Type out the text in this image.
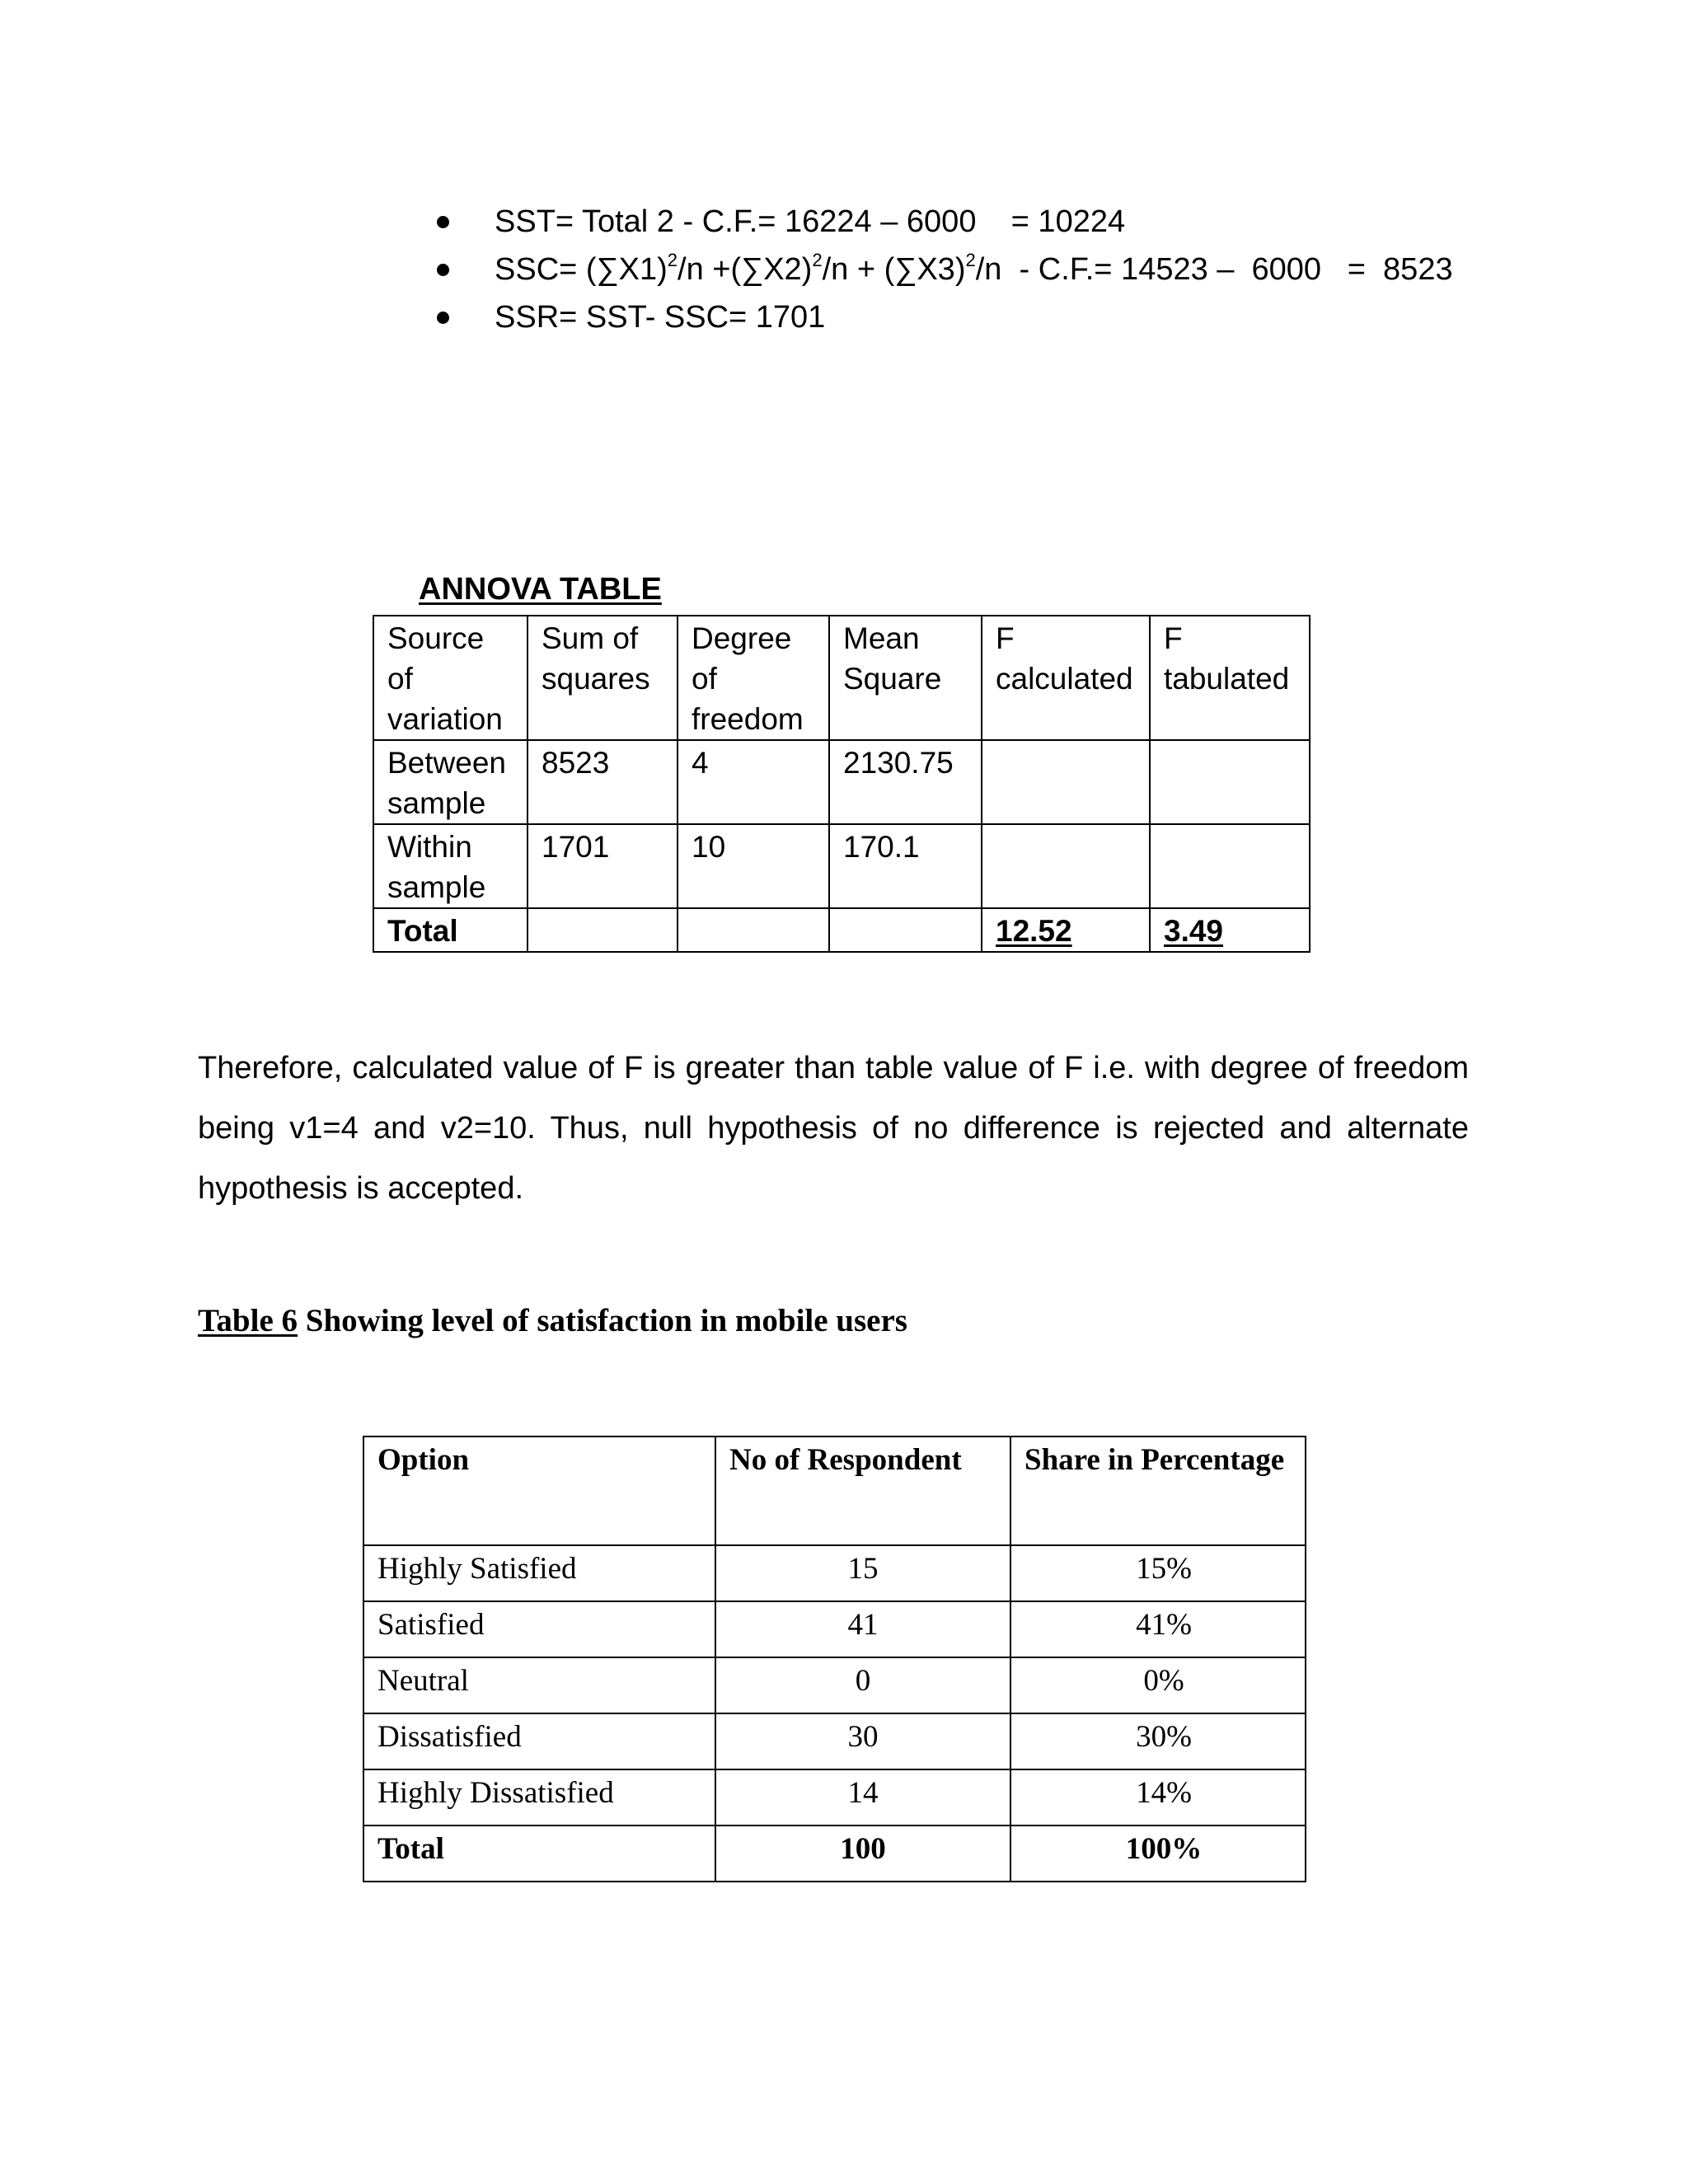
SST= Total 2 - C.F.= 16224 – 6000    = 10224
$SSC= (\sum X1)^2/n +(\sum X2)^2/n + (\sum X3)^2/n - C.F.= 14523 - 6000 = 8523$
SSR= SST- SSC= 1701
ANNOVA TABLE
Source of variation	Sum of squares	Degree of freedom	Mean Square	F calculated	F tabulated
Between sample	8523	4	2130.75		
Within sample	1701	10	170.1		
Total				12.52	3.49

Therefore, calculated value of F is greater than table value of F i.e. with degree of freedom being v1=4 and v2=10. Thus, null hypothesis of no difference is rejected and alternate hypothesis is accepted.

Table 6 Showing level of satisfaction in mobile users
Option	No of Respondent	Share in Percentage
Highly Satisfied	15	15%
Satisfied	41	41%
Neutral	0	0%
Dissatisfied	30	30%
Highly Dissatisfied	14	14%
Total	100	100%
